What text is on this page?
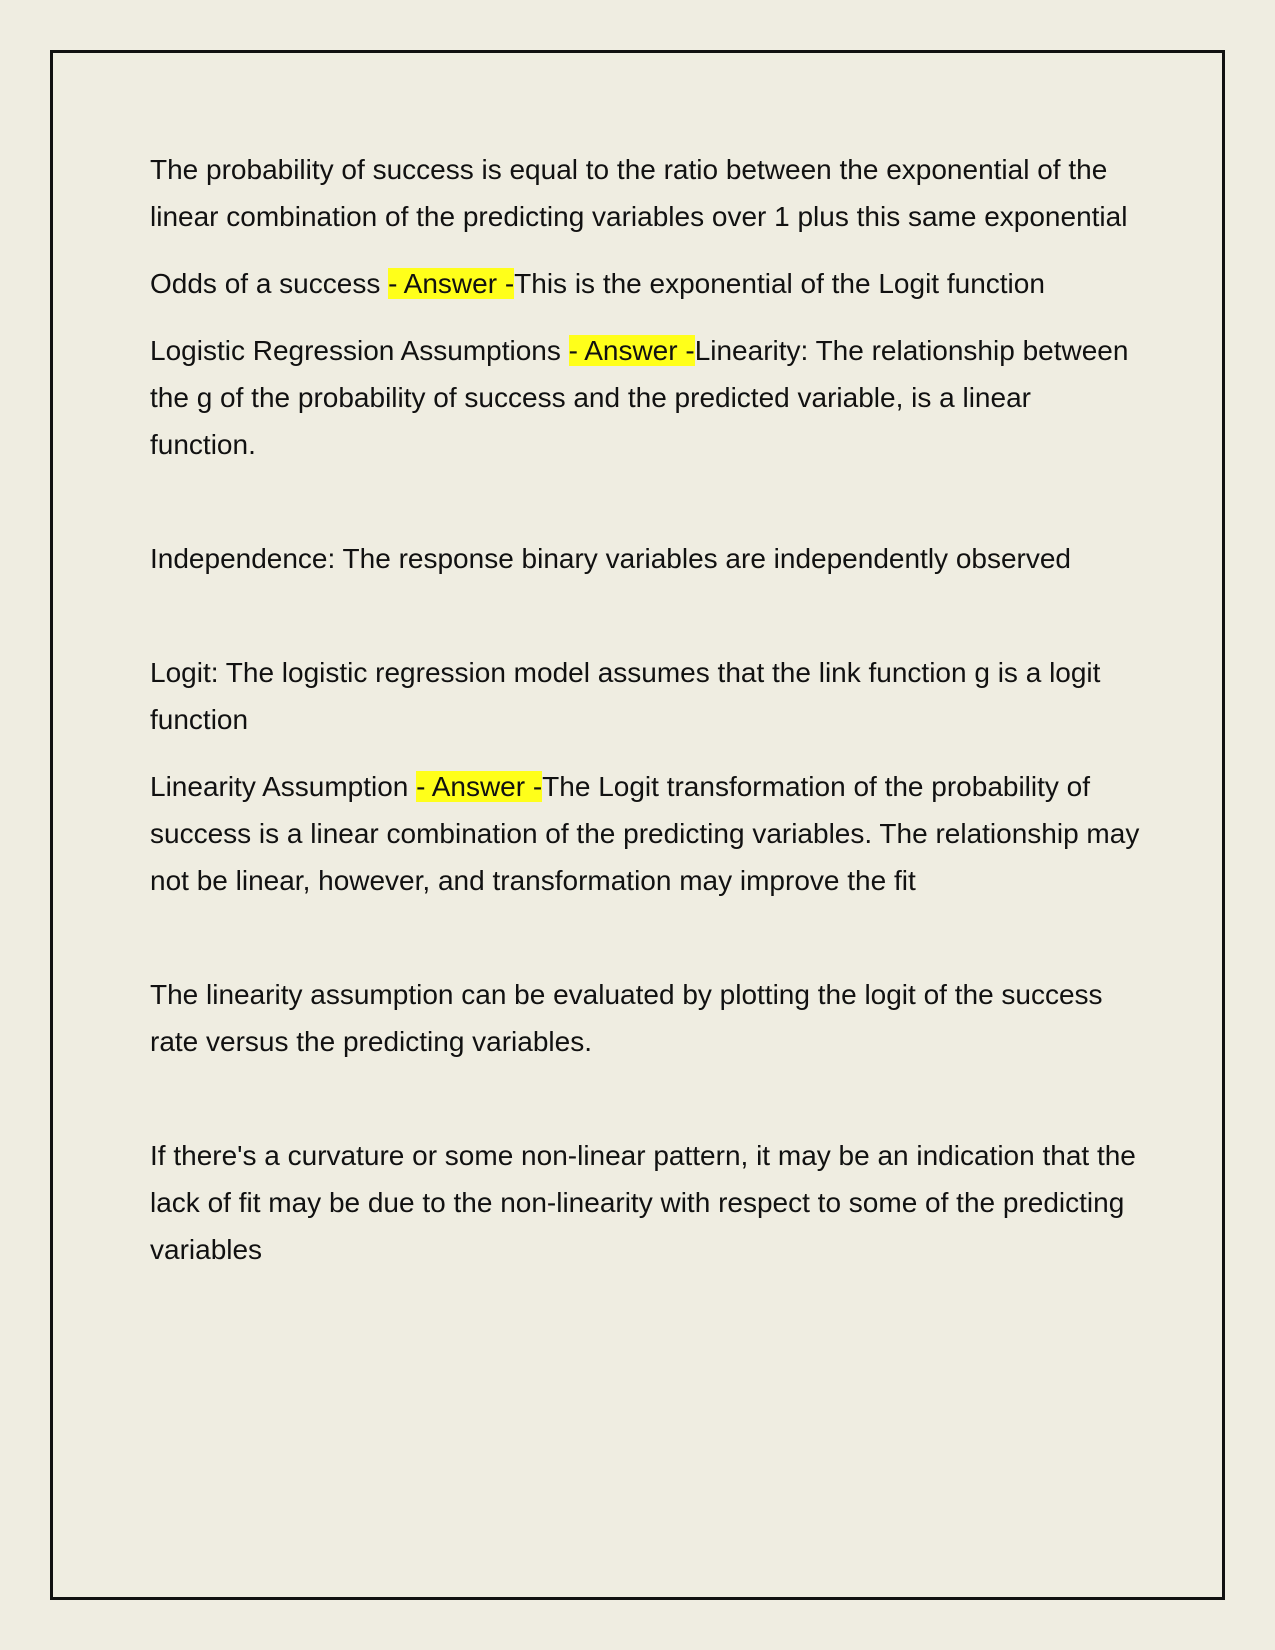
The probability of success is equal to the ratio between the exponential of the linear combination of the predicting variables over 1 plus this same exponential

Odds of a success - Answer -This is the exponential of the Logit function

Logistic Regression Assumptions - Answer -Linearity: The relationship between the g of the probability of success and the predicted variable, is a linear function.

Independence: The response binary variables are independently observed

Logit: The logistic regression model assumes that the link function g is a logit function

Linearity Assumption - Answer -The Logit transformation of the probability of success is a linear combination of the predicting variables. The relationship may not be linear, however, and transformation may improve the fit

The linearity assumption can be evaluated by plotting the logit of the success rate versus the predicting variables.

If there's a curvature or some non-linear pattern, it may be an indication that the lack of fit may be due to the non-linearity with respect to some of the predicting variables
